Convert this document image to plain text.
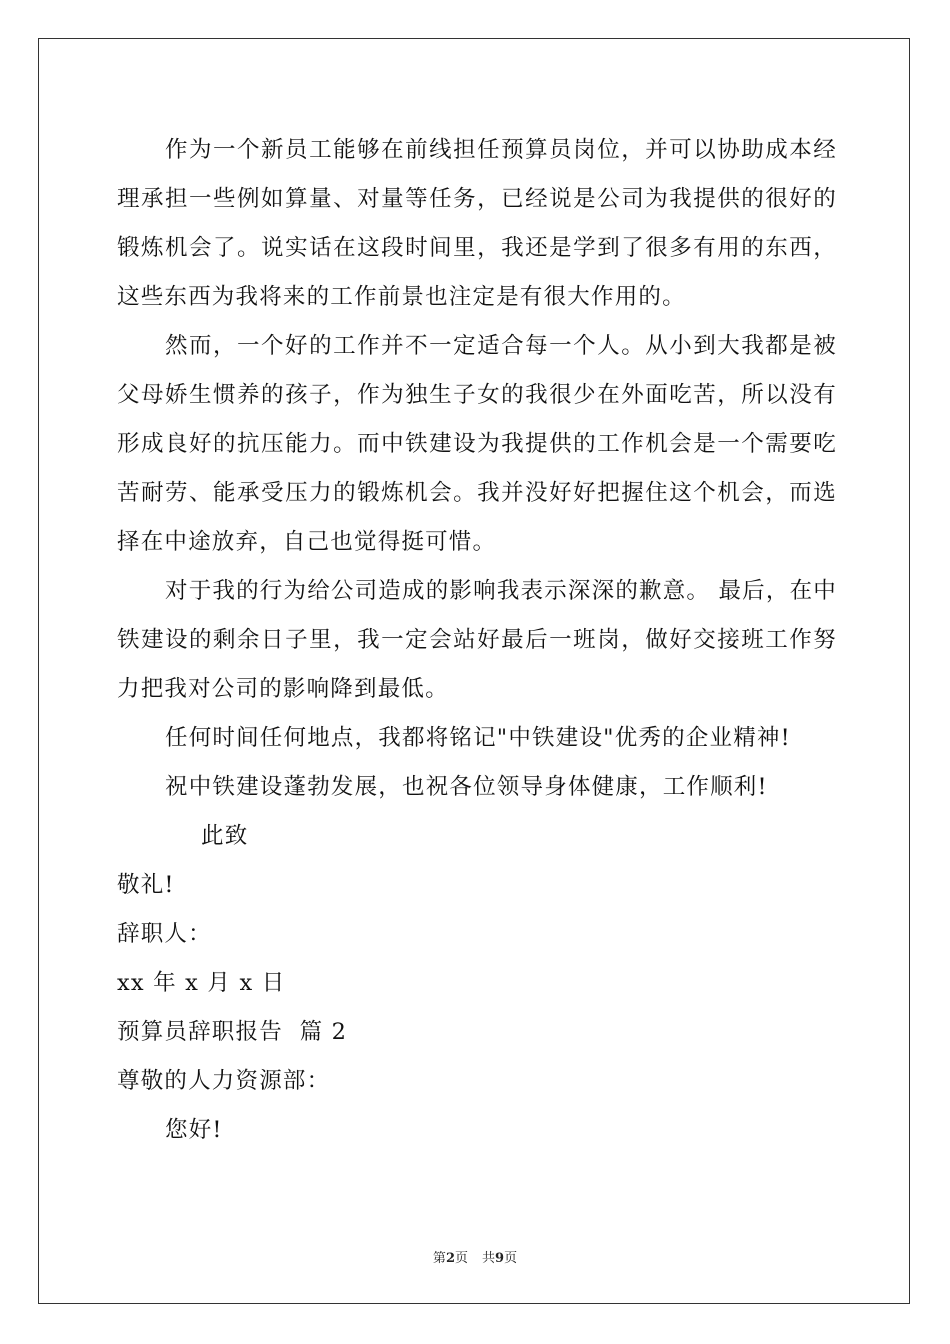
作为一个新员工能够在前线担任预算员岗位，并可以协助成本经理承担一些例如算量、对量等任务，已经说是公司为我提供的很好的锻炼机会了。说实话在这段时间里，我还是学到了很多有用的东西，这些东西为我将来的工作前景也注定是有很大作用的。

然而，一个好的工作并不一定适合每一个人。从小到大我都是被父母娇生惯养的孩子，作为独生子女的我很少在外面吃苦，所以没有形成良好的抗压能力。而中铁建设为我提供的工作机会是一个需要吃苦耐劳、能承受压力的锻炼机会。我并没好好把握住这个机会，而选择在中途放弃，自己也觉得挺可惜。

对于我的行为给公司造成的影响我表示深深的歉意。 最后，在中铁建设的剩余日子里，我一定会站好最后一班岗，做好交接班工作努力把我对公司的影响降到最低。

任何时间任何地点，我都将铭记"中铁建设"优秀的企业精神!

祝中铁建设蓬勃发展，也祝各位领导身体健康，工作顺利!

此致

敬礼!

辞职人：

xx 年 x 月 x 日

预算员辞职报告  篇 2

尊敬的人力资源部：

您好!

第2页 共9页
